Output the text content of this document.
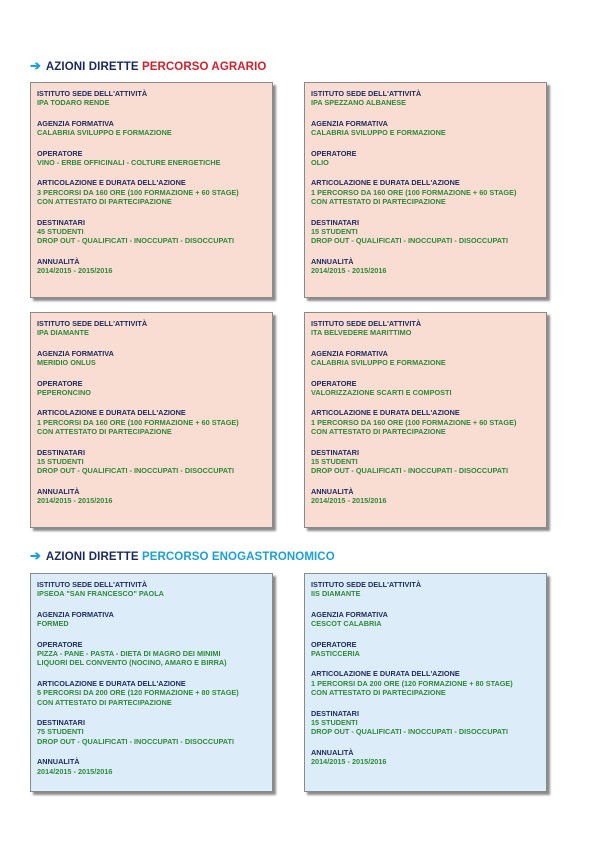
➔ AZIONI DIRETTE PERCORSO AGRARIO
ISTITUTO SEDE DELL'ATTIVITÀ
IPA TODARO RENDE
AGENZIA FORMATIVA
CALABRIA SVILUPPO E FORMAZIONE
OPERATORE
VINO - ERBE OFFICINALI - COLTURE ENERGETICHE
ARTICOLAZIONE E DURATA DELL'AZIONE
3 PERCORSI DA 160 ORE (100 FORMAZIONE + 60 STAGE)
CON ATTESTATO DI PARTECIPAZIONE
DESTINATARI
45 STUDENTI
DROP OUT - QUALIFICATI - INOCCUPATI - DISOCCUPATI
ANNUALITÀ
2014/2015 - 2015/2016
ISTITUTO SEDE DELL'ATTIVITÀ
IPA SPEZZANO ALBANESE
AGENZIA FORMATIVA
CALABRIA SVILUPPO E FORMAZIONE
OPERATORE
OLIO
ARTICOLAZIONE E DURATA DELL'AZIONE
1 PERCORSO DA 160 ORE (100 FORMAZIONE + 60 STAGE)
CON ATTESTATO DI PARTECIPAZIONE
DESTINATARI
15 STUDENTI
DROP OUT - QUALIFICATI - INOCCUPATI - DISOCCUPATI
ANNUALITÀ
2014/2015 - 2015/2016
ISTITUTO SEDE DELL'ATTIVITÀ
IPA DIAMANTE
AGENZIA FORMATIVA
MERIDIO ONLUS
OPERATORE
PEPERONCINO
ARTICOLAZIONE E DURATA DELL'AZIONE
1 PERCORSI DA 160 ORE (100 FORMAZIONE + 60 STAGE)
CON ATTESTATO DI PARTECIPAZIONE
DESTINATARI
15 STUDENTI
DROP OUT - QUALIFICATI - INOCCUPATI - DISOCCUPATI
ANNUALITÀ
2014/2015 - 2015/2016
ISTITUTO SEDE DELL'ATTIVITÀ
ITA BELVEDERE MARITTIMO
AGENZIA FORMATIVA
CALABRIA SVILUPPO E FORMAZIONE
OPERATORE
VALORIZZAZIONE SCARTI E COMPOSTI
ARTICOLAZIONE E DURATA DELL'AZIONE
1 PERCORSO DA 160 ORE (100 FORMAZIONE + 60 STAGE)
CON ATTESTATO DI PARTECIPAZIONE
DESTINATARI
15 STUDENTI
DROP OUT - QUALIFICATI - INOCCUPATI - DISOCCUPATI
ANNUALITÀ
2014/2015 - 2015/2016
➔ AZIONI DIRETTE PERCORSO ENOGASTRONOMICO
ISTITUTO SEDE DELL'ATTIVITÀ
IPSEOA "SAN FRANCESCO" PAOLA
AGENZIA FORMATIVA
FORMED
OPERATORE
PIZZA - PANE - PASTA - DIETA DI MAGRO DEI MINIMI
LIQUORI DEL CONVENTO (NOCINO, AMARO E BIRRA)
ARTICOLAZIONE E DURATA DELL'AZIONE
5 PERCORSI DA 200 ORE (120 FORMAZIONE + 80 STAGE)
CON ATTESTATO DI PARTECIPAZIONE
DESTINATARI
75 STUDENTI
DROP OUT - QUALIFICATI - INOCCUPATI - DISOCCUPATI
ANNUALITÀ
2014/2015 - 2015/2016
ISTITUTO SEDE DELL'ATTIVITÀ
IIS DIAMANTE
AGENZIA FORMATIVA
CESCOT CALABRIA
OPERATORE
PASTICCERIA
ARTICOLAZIONE E DURATA DELL'AZIONE
1 PERCORSI DA 200 ORE (120 FORMAZIONE + 80 STAGE)
CON ATTESTATO DI PARTECIPAZIONE
DESTINATARI
15 STUDENTI
DROP OUT - QUALIFICATI - INOCCUPATI - DISOCCUPATI
ANNUALITÀ
2014/2015 - 2015/2016
